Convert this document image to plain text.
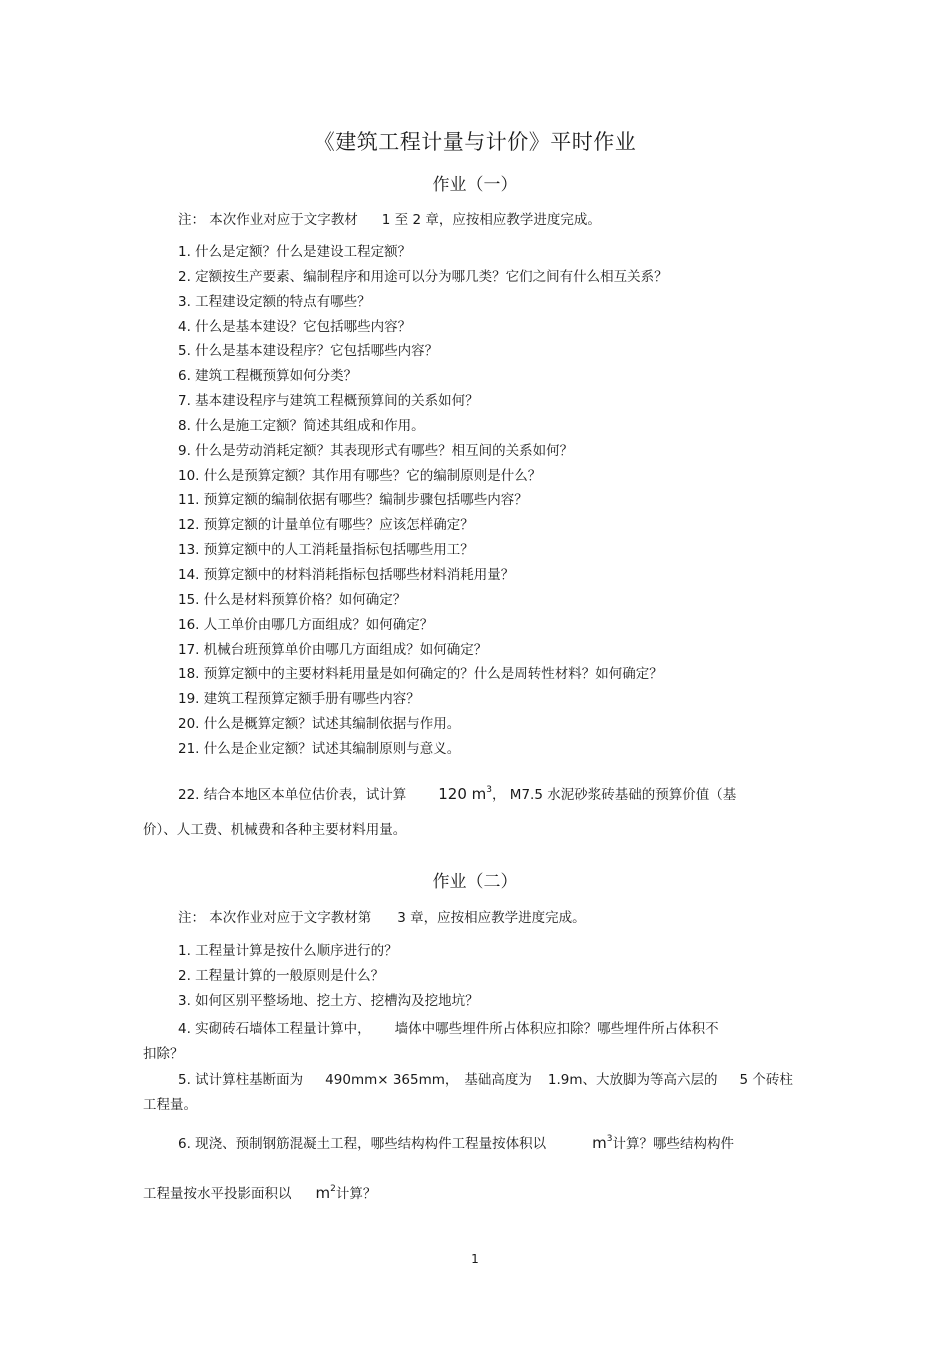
《建筑工程计量与计价》平时作业
作业（一）
注： 本次作业对应于文字教材 1 至 2 章，应按相应教学进度完成。
1. 什么是定额？什么是建设工程定额？
2. 定额按生产要素、编制程序和用途可以分为哪几类？它们之间有什么相互关系？
3. 工程建设定额的特点有哪些？
4. 什么是基本建设？它包括哪些内容？
5. 什么是基本建设程序？它包括哪些内容？
6. 建筑工程概预算如何分类？
7. 基本建设程序与建筑工程概预算间的关系如何？
8. 什么是施工定额？简述其组成和作用。
9. 什么是劳动消耗定额？其表现形式有哪些？相互间的关系如何？
10. 什么是预算定额？其作用有哪些？它的编制原则是什么？
11. 预算定额的编制依据有哪些？编制步骤包括哪些内容？
12. 预算定额的计量单位有哪些？应该怎样确定？
13. 预算定额中的人工消耗量指标包括哪些用工？
14. 预算定额中的材料消耗指标包括哪些材料消耗用量？
15. 什么是材料预算价格？如何确定？
16. 人工单价由哪几方面组成？如何确定？
17. 机械台班预算单价由哪几方面组成？如何确定？
18. 预算定额中的主要材料耗用量是如何确定的？什么是周转性材料？如何确定？
19. 建筑工程预算定额手册有哪些内容？
20. 什么是概算定额？试述其编制依据与作用。
21. 什么是企业定额？试述其编制原则与意义。
22. 结合本地区本单位估价表，试计算 120 $m^3$， M7.5 水泥砂浆砖基础的预算价值（基
价）、人工费、机械费和各种主要材料用量。
作业（二）
注： 本次作业对应于文字教材第 3 章，应按相应教学进度完成。
1. 工程量计算是按什么顺序进行的？
2. 工程量计算的一般原则是什么？
3. 如何区别平整场地、挖土方、挖槽沟及挖地坑？
4. 实砌砖石墙体工程量计算中， 墙体中哪些埋件所占体积应扣除？哪些埋件所占体积不
扣除？
5. 试计算柱基断面为 490mm× 365mm， 基础高度为 1.9m、大放脚为等高六层的 5 个砖柱
工程量。
6. 现浇、预制钢筋混凝土工程，哪些结构构件工程量按体积以	$m^3$计算？哪些结构构件
工程量按水平投影面积以 $m^2$计算？
1
